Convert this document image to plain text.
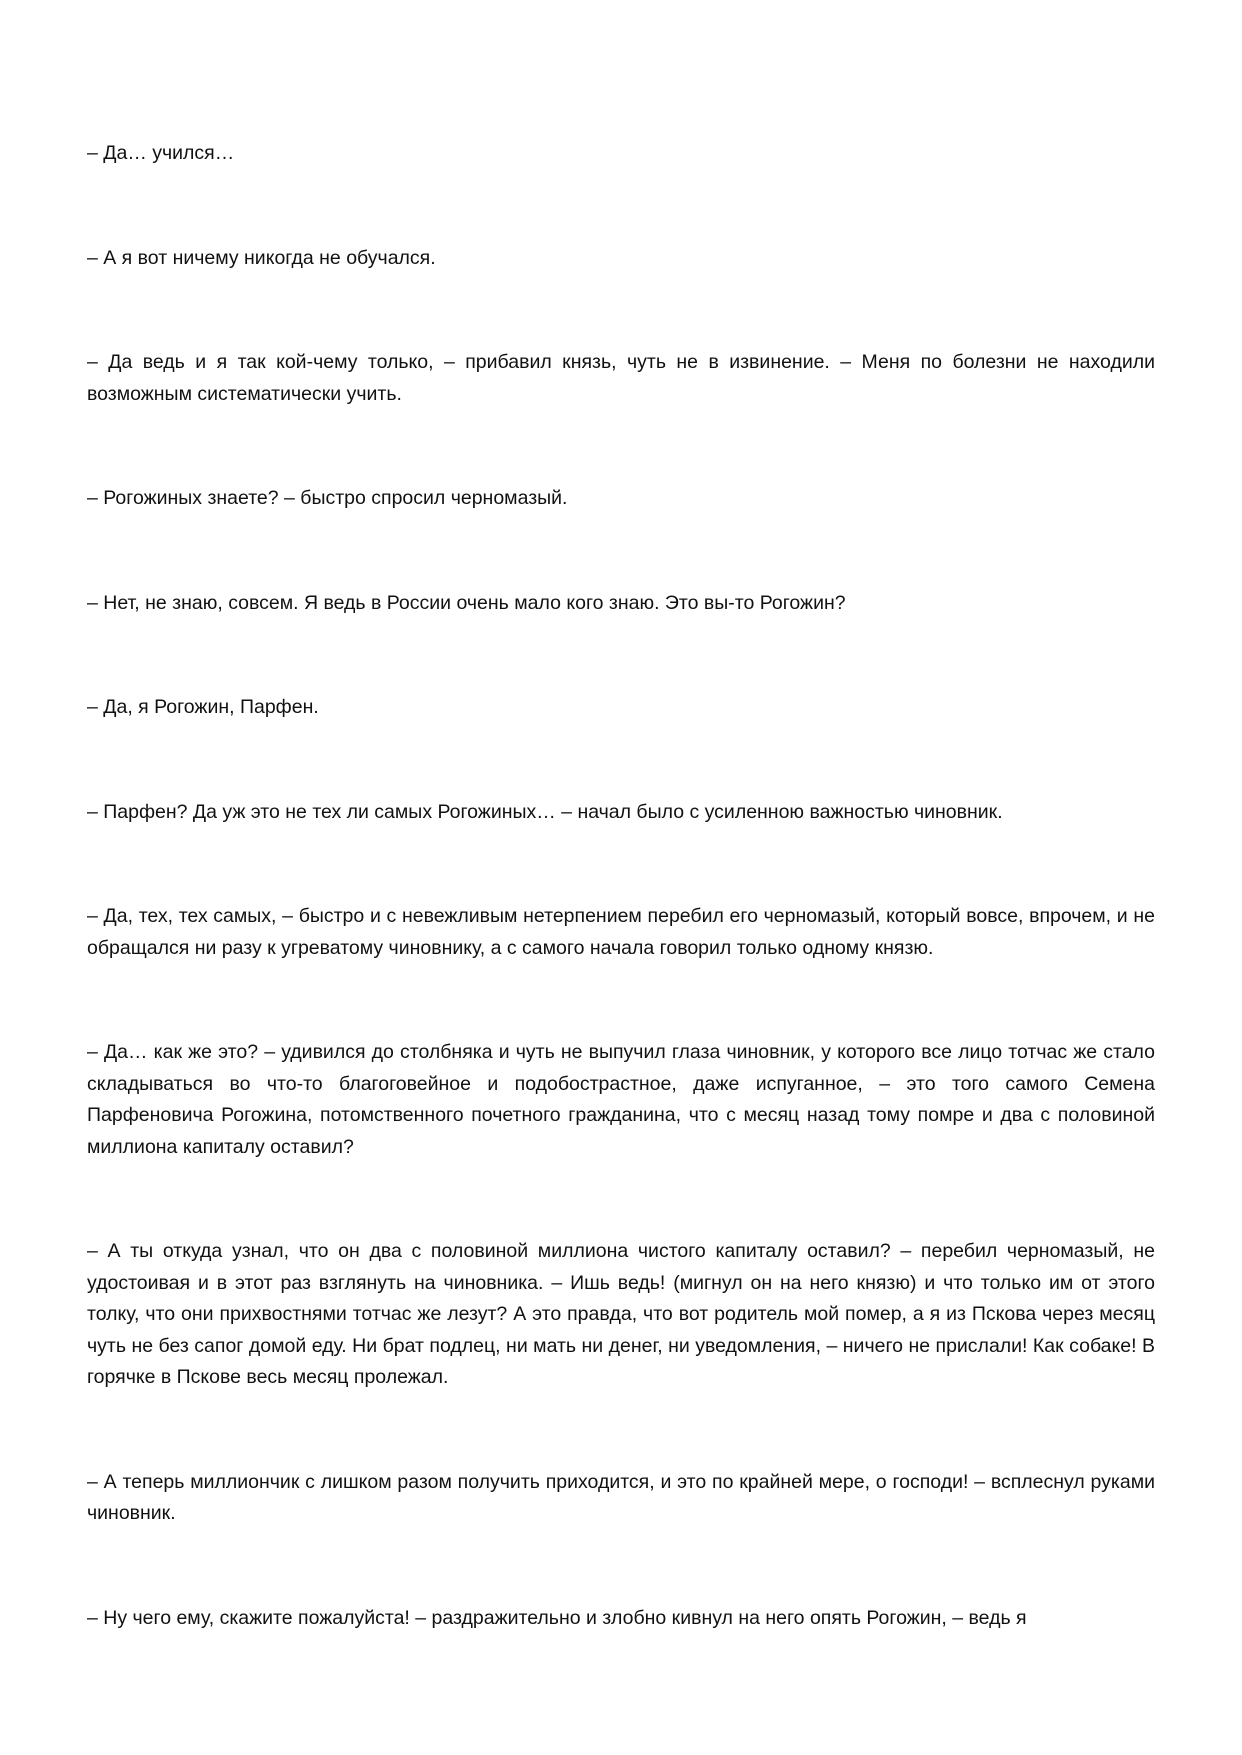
– Да… учился…

– А я вот ничему никогда не обучался.

– Да ведь и я так кой-чему только, – прибавил князь, чуть не в извинение. – Меня по болезни не находили возможным систематически учить.

– Рогожиных знаете? – быстро спросил черномазый.

– Нет, не знаю, совсем. Я ведь в России очень мало кого знаю. Это вы-то Рогожин?

– Да, я Рогожин, Парфен.

– Парфен? Да уж это не тех ли самых Рогожиных… – начал было с усиленною важностью чиновник.

– Да, тех, тех самых, – быстро и с невежливым нетерпением перебил его черномазый, который вовсе, впрочем, и не обращался ни разу к угреватому чиновнику, а с самого начала говорил только одному князю.

– Да… как же это? – удивился до столбняка и чуть не выпучил глаза чиновник, у которого все лицо тотчас же стало складываться во что-то благоговейное и подобострастное, даже испуганное, – это того самого Семена Парфеновича Рогожина, потомственного почетного гражданина, что с месяц назад тому помре и два с половиной миллиона капиталу оставил?

– А ты откуда узнал, что он два с половиной миллиона чистого капиталу оставил? – перебил черномазый, не удостоивая и в этот раз взглянуть на чиновника. – Ишь ведь! (мигнул он на него князю) и что только им от этого толку, что они прихвостнями тотчас же лезут? А это правда, что вот родитель мой помер, а я из Пскова через месяц чуть не без сапог домой еду. Ни брат подлец, ни мать ни денег, ни уведомления, – ничего не прислали! Как собаке! В горячке в Пскове весь месяц пролежал.

– А теперь миллиончик с лишком разом получить приходится, и это по крайней мере, о господи! – всплеснул руками чиновник.

– Ну чего ему, скажите пожалуйста! – раздражительно и злобно кивнул на него опять Рогожин, – ведь я
